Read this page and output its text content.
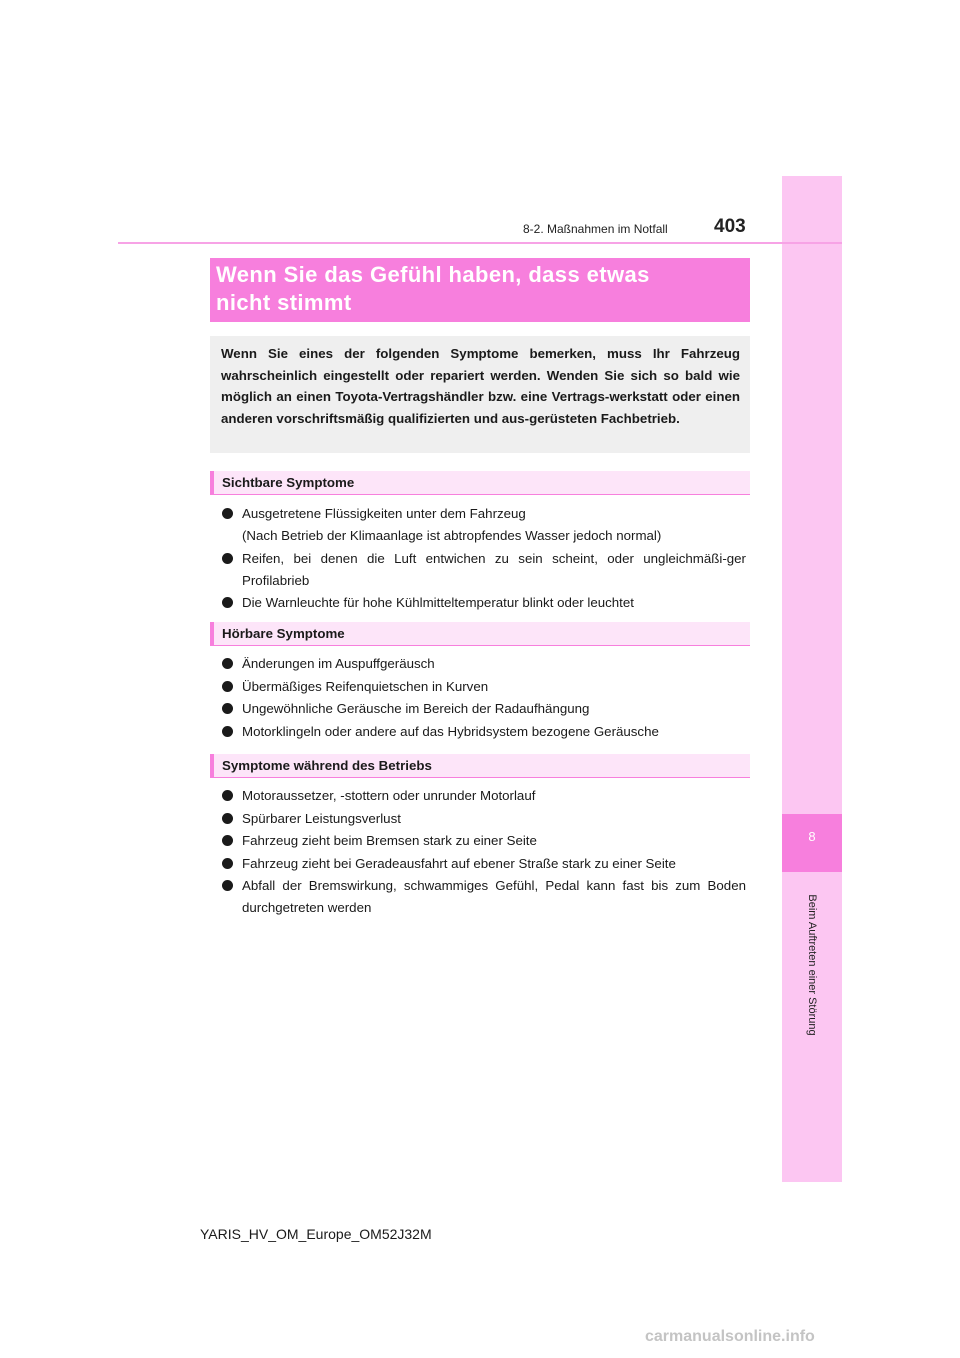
8
Beim Auftreten einer Störung
8-2. Maßnahmen im Notfall 403
Wenn Sie das Gefühl haben, dass etwas
nicht stimmt
Wenn Sie eines der folgenden Symptome bemerken, muss Ihr Fahrzeug wahrscheinlich eingestellt oder repariert werden. Wenden Sie sich so bald wie möglich an einen Toyota-Vertragshändler bzw. eine Vertrags-werkstatt oder einen anderen vorschriftsmäßig qualifizierten und aus-gerüsteten Fachbetrieb.
Sichtbare Symptome
Ausgetretene Flüssigkeiten unter dem Fahrzeug
(Nach Betrieb der Klimaanlage ist abtropfendes Wasser jedoch normal)
Reifen, bei denen die Luft entwichen zu sein scheint, oder ungleichmäßi-ger Profilabrieb
Die Warnleuchte für hohe Kühlmitteltemperatur blinkt oder leuchtet
Hörbare Symptome
Änderungen im Auspuffgeräusch
Übermäßiges Reifenquietschen in Kurven
Ungewöhnliche Geräusche im Bereich der Radaufhängung
Motorklingeln oder andere auf das Hybridsystem bezogene Geräusche
Symptome während des Betriebs
Motoraussetzer, -stottern oder unrunder Motorlauf
Spürbarer Leistungsverlust
Fahrzeug zieht beim Bremsen stark zu einer Seite
Fahrzeug zieht bei Geradeausfahrt auf ebener Straße stark zu einer Seite
Abfall der Bremswirkung, schwammiges Gefühl, Pedal kann fast bis zum Boden durchgetreten werden
YARIS_HV_OM_Europe_OM52J32M
carmanualsonline.info
